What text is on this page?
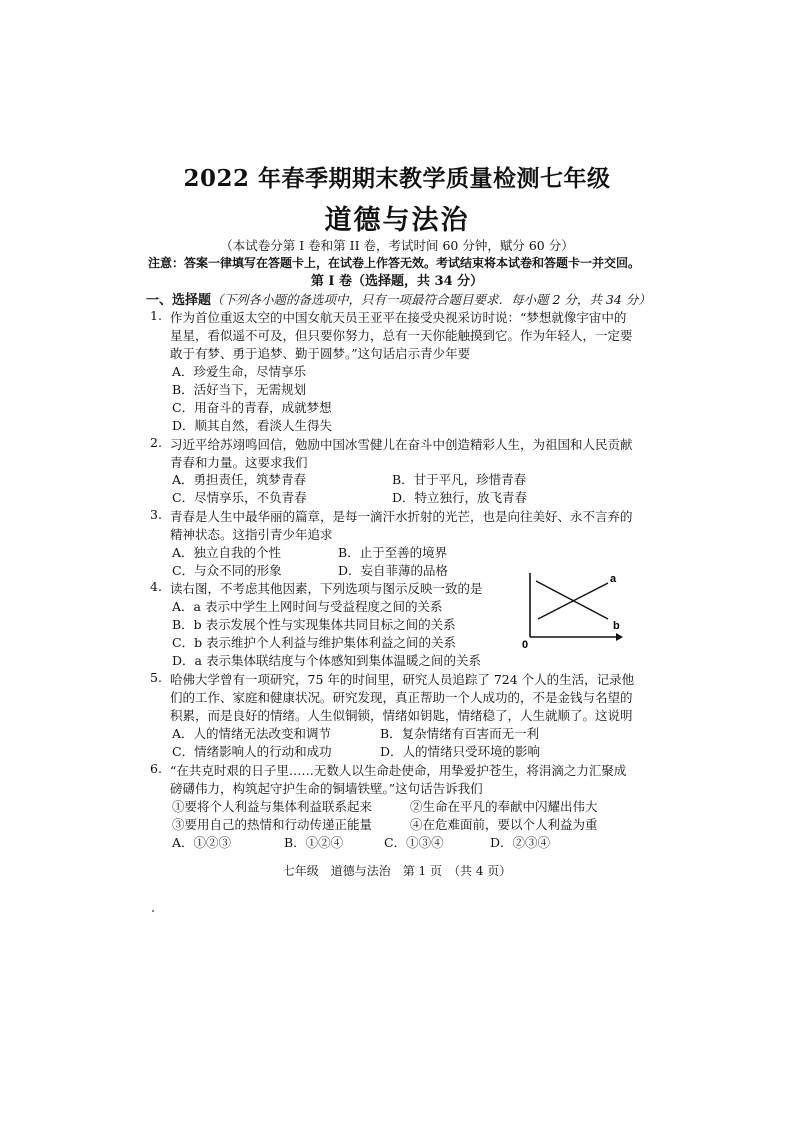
2022 年春季期期末教学质量检测七年级
道德与法治
（本试卷分第 I 卷和第 II 卷，考试时间 60 分钟，赋分 60 分）
注意：答案一律填写在答题卡上，在试卷上作答无效。考试结束将本试卷和答题卡一并交回。
第 I 卷（选择题，共 34 分）
一、选择题（下列各小题的备选项中，只有一项最符合题目要求．每小题 2 分，共 34 分）
1. 作为首位重返太空的中国女航天员王亚平在接受央视采访时说：“梦想就像宇宙中的
星星，看似遥不可及，但只要你努力，总有一天你能触摸到它。作为年轻人，一定要
敢于有梦、勇于追梦、勤于圆梦。”这句话启示青少年要
A．珍爱生命，尽情享乐
B．活好当下，无需规划
C．用奋斗的青春，成就梦想
D．顺其自然，看淡人生得失
2. 习近平给苏翊鸣回信，勉励中国冰雪健儿在奋斗中创造精彩人生，为祖国和人民贡献
青春和力量。这要求我们
A．勇担责任，筑梦青春	B．甘于平凡，珍惜青春
C．尽情享乐，不负青春	D．特立独行，放飞青春
3. 青春是人生中最华丽的篇章，是每一滴汗水折射的光芒，也是向往美好、永不言弃的
精神状态。这指引青少年追求
A．独立自我的个性	B．止于至善的境界
C．与众不同的形象	D．妄自菲薄的品格
4. 读右图，不考虑其他因素，下列选项与图示反映一致的是
A．a 表示中学生上网时间与受益程度之间的关系
B．b 表示发展个性与实现集体共同目标之间的关系
C．b 表示维护个人利益与维护集体利益之间的关系
D．a 表示集体联结度与个体感知到集体温暖之间的关系
a
b
0
5. 哈佛大学曾有一项研究，75 年的时间里，研究人员追踪了 724 个人的生活，记录他
们的工作、家庭和健康状况。研究发现，真正帮助一个人成功的，不是金钱与名望的
积累，而是良好的情绪。人生似铜锁，情绪如钥匙，情绪稳了，人生就顺了。这说明
A．人的情绪无法改变和调节	B．复杂情绪有百害而无一利
C．情绪影响人的行动和成功	D．人的情绪只受环境的影响
6. “在共克时艰的日子里……无数人以生命赴使命，用挚爱护苍生，将涓滴之力汇聚成
磅礴伟力，构筑起守护生命的铜墙铁壁。”这句话告诉我们
①要将个人利益与集体利益联系起来	②生命在平凡的奉献中闪耀出伟大
③要用自己的热情和行动传递正能量	④在危难面前，要以个人利益为重
A．①②③	B．①②④	C．①③④	D．②③④
七年级　道德与法治　第 1 页　（共 4 页）
